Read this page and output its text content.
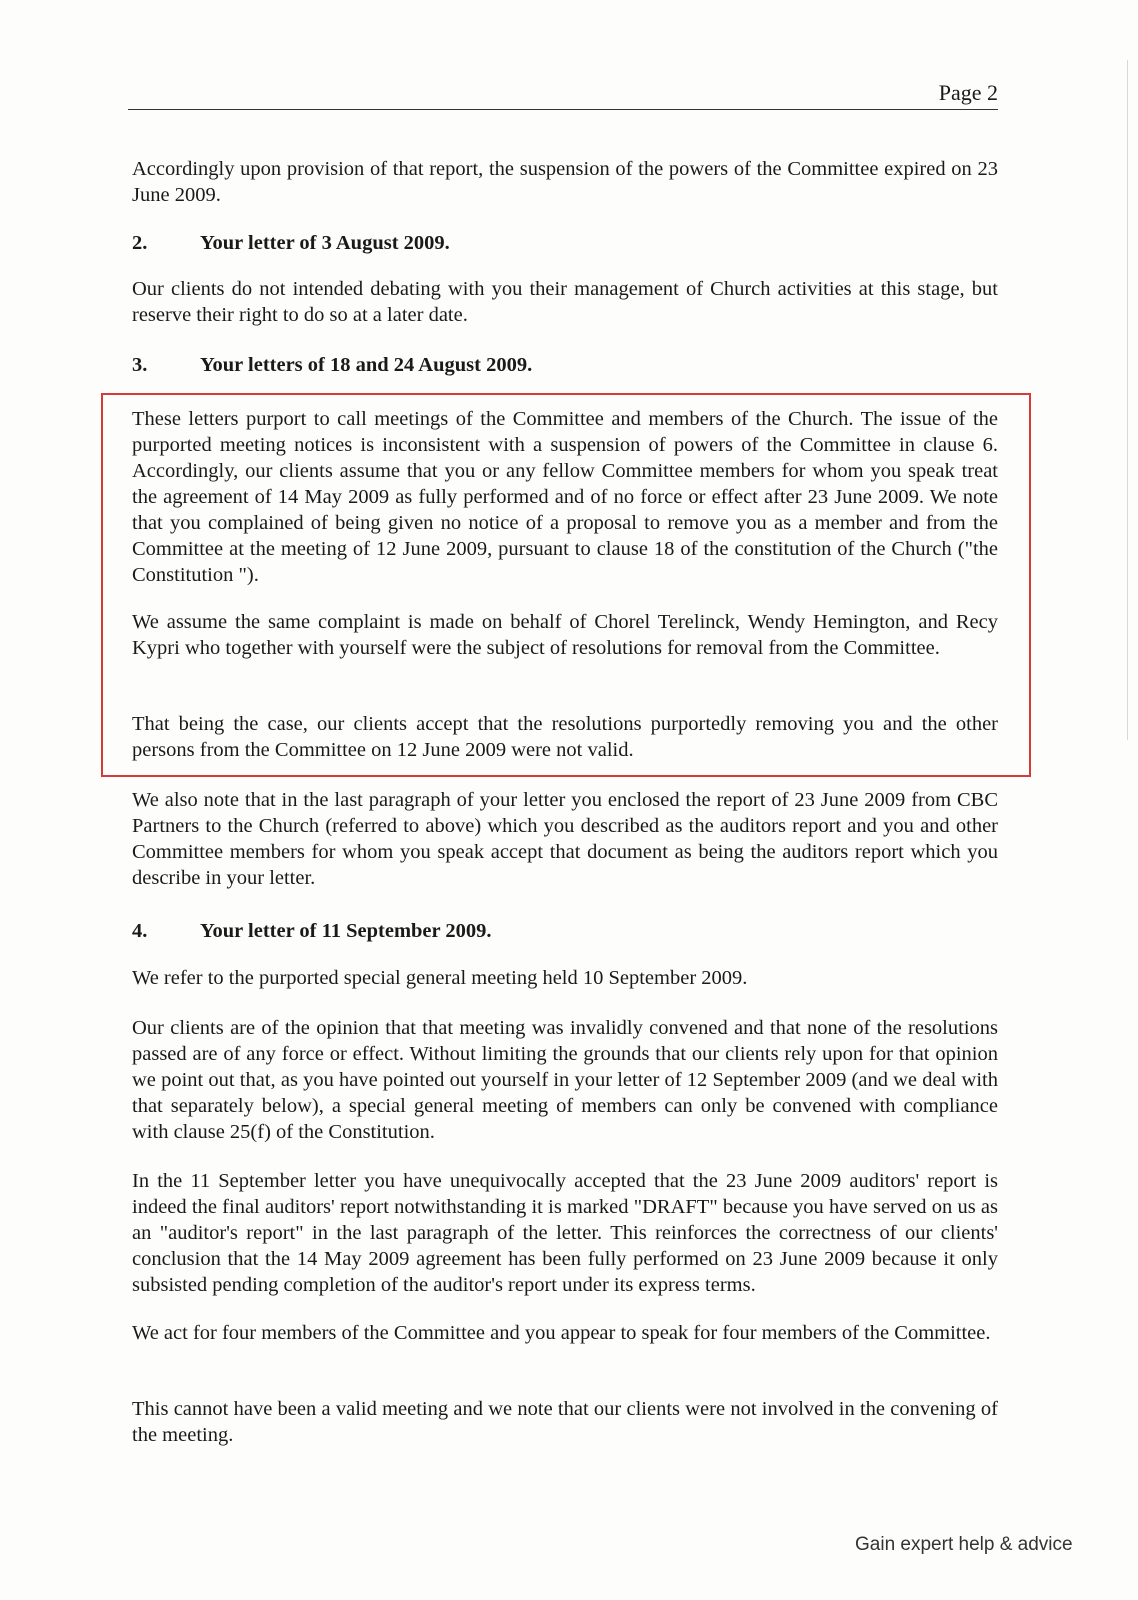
Page 2

Accordingly upon provision of that report, the suspension of the powers of the Committee expired on 23 June 2009.

2.	Your letter of 3 August 2009.

Our clients do not intended debating with you their management of Church activities at this stage, but reserve their right to do so at a later date.

3.	Your letters of 18 and 24 August 2009.

These letters purport to call meetings of the Committee and members of the Church. The issue of the purported meeting notices is inconsistent with a suspension of powers of the Committee in clause 6. Accordingly, our clients assume that you or any fellow Committee members for whom you speak treat the agreement of 14 May 2009 as fully performed and of no force or effect after 23 June 2009. We note that you complained of being given no notice of a proposal to remove you as a member and from the Committee at the meeting of 12 June 2009, pursuant to clause 18 of the constitution of the Church ("the Constitution ").

We assume the same complaint is made on behalf of Chorel Terelinck, Wendy Hemington, and Recy Kypri who together with yourself were the subject of resolutions for removal from the Committee.

That being the case, our clients accept that the resolutions purportedly removing you and the other persons from the Committee on 12 June 2009 were not valid.

We also note that in the last paragraph of your letter you enclosed the report of 23 June 2009 from CBC Partners to the Church (referred to above) which you described as the auditors report and you and other Committee members for whom you speak accept that document as being the auditors report which you describe in your letter.

4.	Your letter of 11 September 2009.

We refer to the purported special general meeting held 10 September 2009.

Our clients are of the opinion that that meeting was invalidly convened and that none of the resolutions passed are of any force or effect. Without limiting the grounds that our clients rely upon for that opinion we point out that, as you have pointed out yourself in your letter of 12 September 2009 (and we deal with that separately below), a special general meeting of members can only be convened with compliance with clause 25(f) of the Constitution.

In the 11 September letter you have unequivocally accepted that the 23 June 2009 auditors' report is indeed the final auditors' report notwithstanding it is marked "DRAFT" because you have served on us as an "auditor's report" in the last paragraph of the letter. This reinforces the correctness of our clients' conclusion that the 14 May 2009 agreement has been fully performed on 23 June 2009 because it only subsisted pending completion of the auditor's report under its express terms.

We act for four members of the Committee and you appear to speak for four members of the Committee.

This cannot have been a valid meeting and we note that our clients were not involved in the convening of the meeting.

Gain expert help & advice
